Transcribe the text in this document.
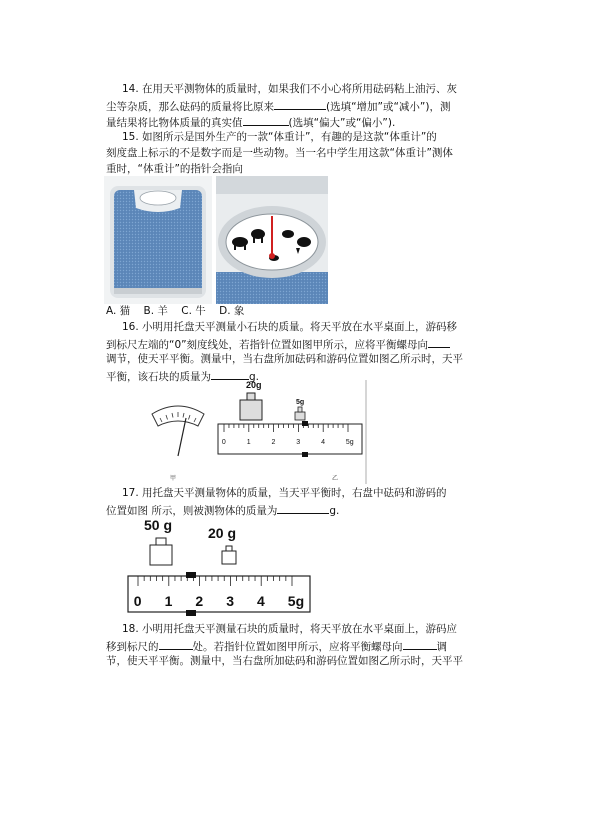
14. 在用天平测物体的质量时，如果我们不小心将所用砝码粘上油污、灰
尘等杂质，那么砝码的质量将比原来	(选填“增加”或“减小”)，测
量结果将比物体质量的真实值	(选填“偏大”或“偏小”).
15. 如图所示是国外生产的一款“体重计”，有趣的是这款“体重计”的
刻度盘上标示的不是数字而是一些动物。当一名中学生用这款“体重计”测体
重时，“体重计”的指针会指向
A. 猫 B. 羊 C. 牛 D. 象
16. 小明用托盘天平测量小石块的质量。将天平放在水平桌面上，游码移
到标尺左端的“0”刻度线处，若指针位置如图甲所示，应将平衡螺母向
调节，使天平平衡。测量中，当右盘所加砝码和游码位置如图乙所示时，天平
平衡，该石块的质量为	g.
甲
20g
5g
0	1	2	3	4	5g
乙
17. 用托盘天平测量物体的质量，当天平平衡时，右盘中砝码和游码的
位置如图 所示，则被测物体的质量为	g.
50 g	20 g
0 1 2 3 4 5g
18. 小明用托盘天平测量石块的质量时，将天平放在水平桌面上，游码应
移到标尺的	处。若指针位置如图甲所示，应将平衡螺母向	调
节，使天平平衡。测量中，当右盘所加砝码和游码位置如图乙所示时，天平平
